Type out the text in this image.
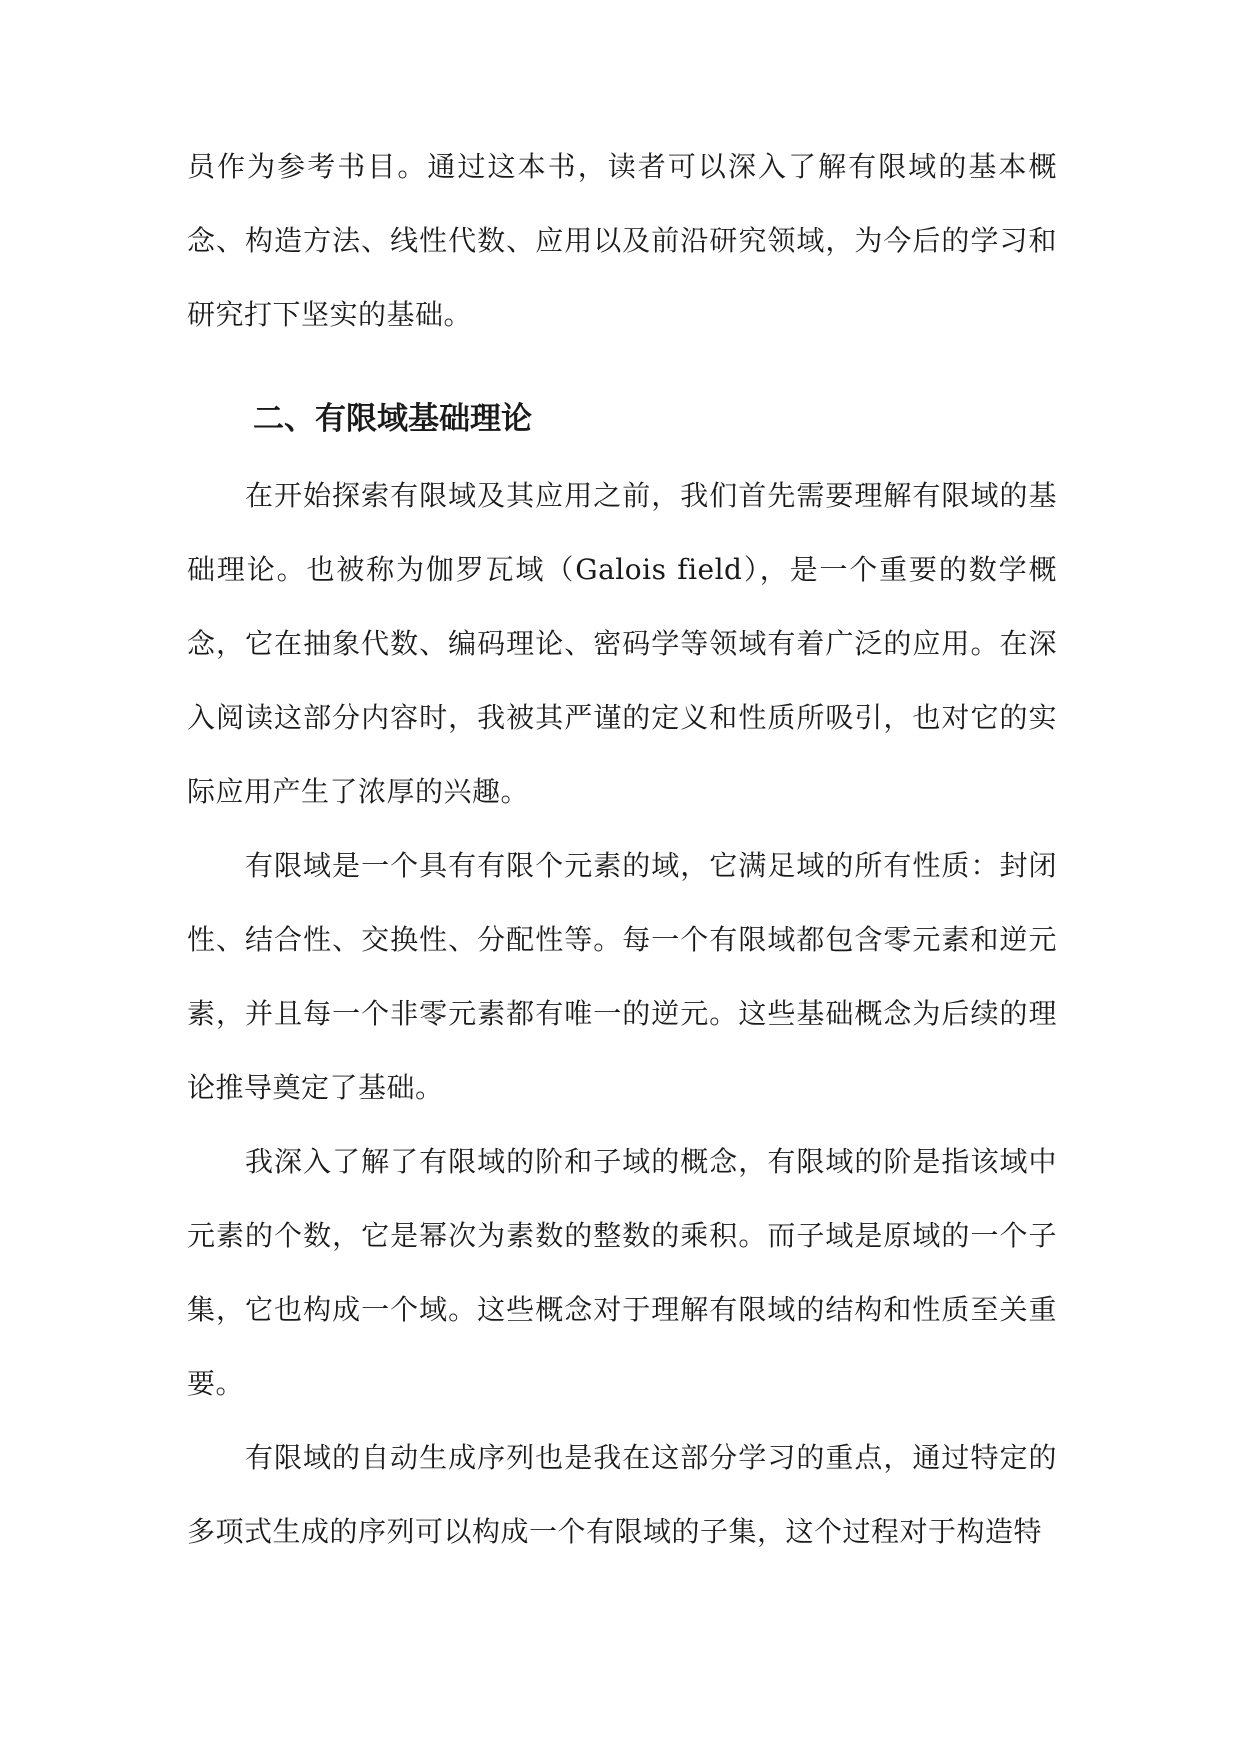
员作为参考书目。通过这本书，读者可以深入了解有限域的基本概念、构造方法、线性代数、应用以及前沿研究领域，为今后的学习和研究打下坚实的基础。

二、有限域基础理论

在开始探索有限域及其应用之前，我们首先需要理解有限域的基础理论。也被称为伽罗瓦域（Galois field），是一个重要的数学概念，它在抽象代数、编码理论、密码学等领域有着广泛的应用。在深入阅读这部分内容时，我被其严谨的定义和性质所吸引，也对它的实际应用产生了浓厚的兴趣。

有限域是一个具有有限个元素的域，它满足域的所有性质：封闭性、结合性、交换性、分配性等。每一个有限域都包含零元素和逆元素，并且每一个非零元素都有唯一的逆元。这些基础概念为后续的理论推导奠定了基础。

我深入了解了有限域的阶和子域的概念，有限域的阶是指该域中元素的个数，它是幂次为素数的整数的乘积。而子域是原域的一个子集，它也构成一个域。这些概念对于理解有限域的结构和性质至关重要。

有限域的自动生成序列也是我在这部分学习的重点，通过特定的多项式生成的序列可以构成一个有限域的子集，这个过程对于构造特
